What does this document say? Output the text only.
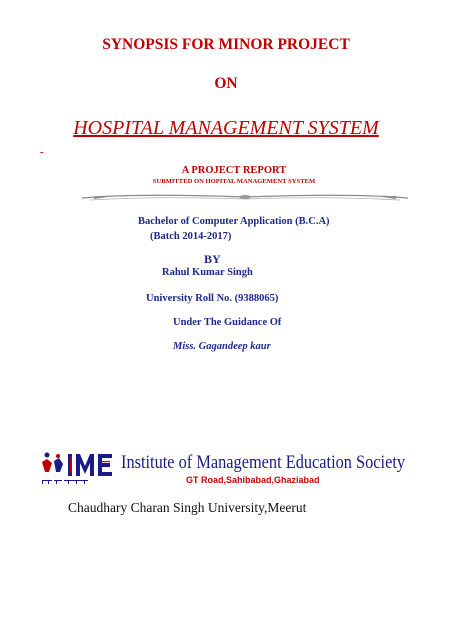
SYNOPSIS FOR MINOR PROJECT
ON
HOSPITAL MANAGEMENT SYSTEM
-
A PROJECT REPORT
SUBMITTED ON HOPITAL MANAGEMENT SYSTEM
Bachelor of Computer Application (B.C.A)
(Batch 2014-2017)
BY
Rahul Kumar Singh
University Roll No. (9388065)
Under The Guidance Of
Miss. Gagandeep kaur
Institute of Management Education Society
GT Road,Sahibabad,Ghaziabad
Chaudhary Charan Singh University,Meerut
